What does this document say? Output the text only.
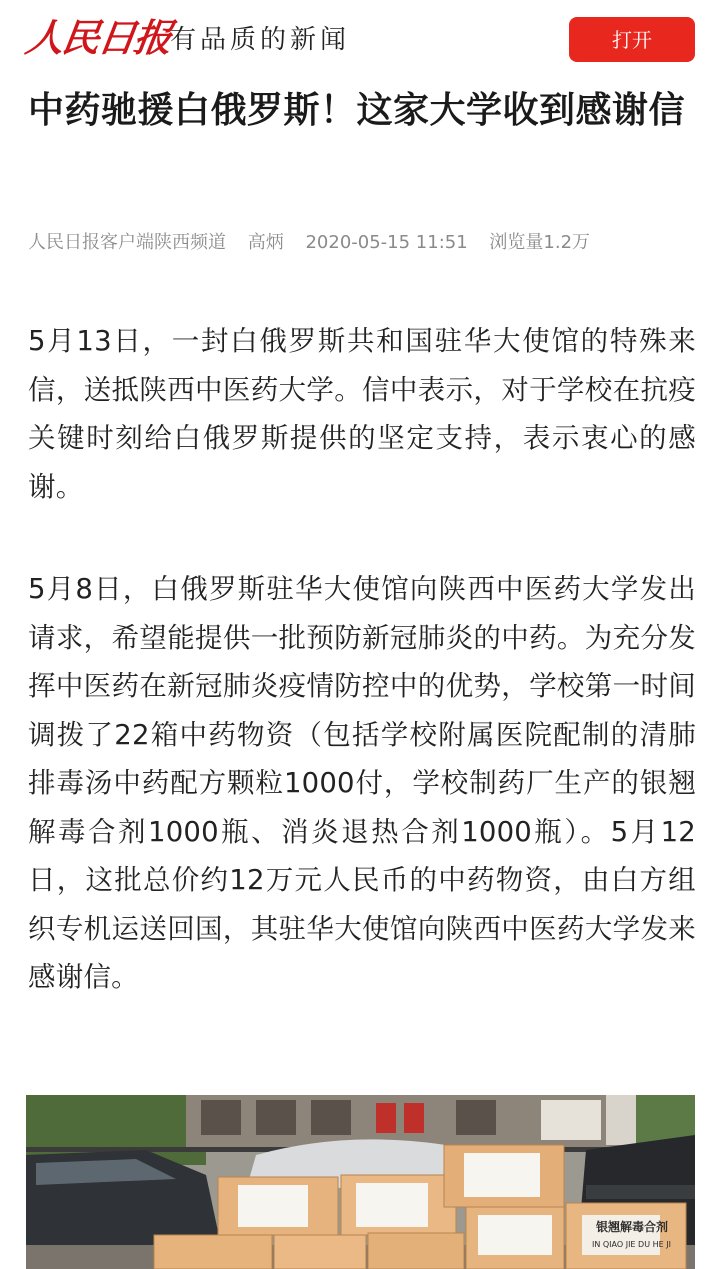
人民日报
有品质的新闻	打开
中药驰援白俄罗斯！这家大学收到感谢信
人民日报客户端陕西频道 高炳 2020-05-15 11:51 浏览量1.2万

5月13日，一封白俄罗斯共和国驻华大使馆的特殊来信，送抵陕西中医药大学。信中表示，对于学校在抗疫关键时刻给白俄罗斯提供的坚定支持，表示衷心的感谢。

5月8日，白俄罗斯驻华大使馆向陕西中医药大学发出请求，希望能提供一批预防新冠肺炎的中药。为充分发挥中医药在新冠肺炎疫情防控中的优势，学校第一时间调拨了22箱中药物资（包括学校附属医院配制的清肺排毒汤中药配方颗粒1000付，学校制药厂生产的银翘解毒合剂1000瓶、消炎退热合剂1000瓶）。5月12日，这批总价约12万元人民币的中药物资，由白方组织专机运送回国，其驻华大使馆向陕西中医药大学发来感谢信。

银翘解毒合剂
IN QIAO JIE DU HE JI
